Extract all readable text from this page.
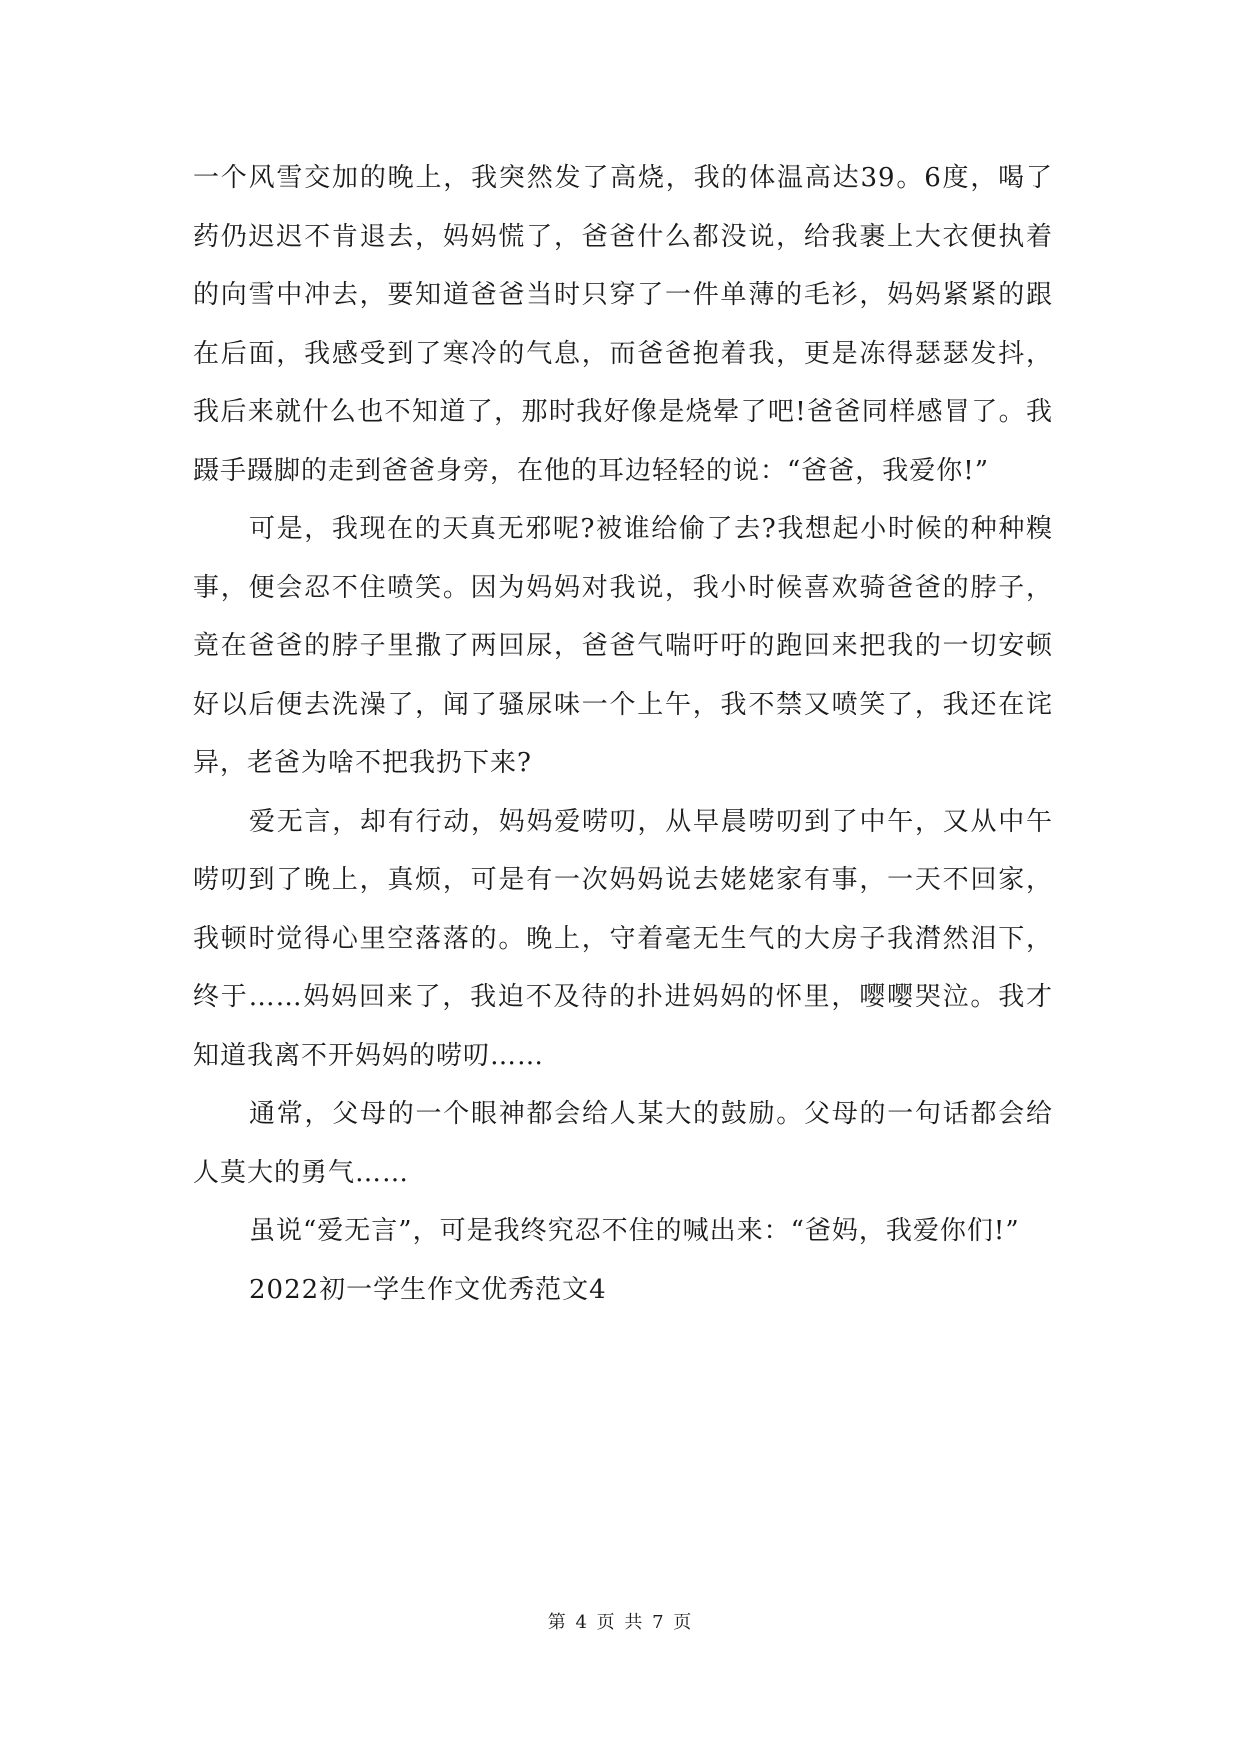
一个风雪交加的晚上，我突然发了高烧，我的体温高达39。6度，喝了药仍迟迟不肯退去，妈妈慌了，爸爸什么都没说，给我裹上大衣便执着的向雪中冲去，要知道爸爸当时只穿了一件单薄的毛衫，妈妈紧紧的跟在后面，我感受到了寒冷的气息，而爸爸抱着我，更是冻得瑟瑟发抖，我后来就什么也不知道了，那时我好像是烧晕了吧!爸爸同样感冒了。我蹑手蹑脚的走到爸爸身旁，在他的耳边轻轻的说：“爸爸，我爱你!”

可是，我现在的天真无邪呢?被谁给偷了去?我想起小时候的种种糗事，便会忍不住喷笑。因为妈妈对我说，我小时候喜欢骑爸爸的脖子，竟在爸爸的脖子里撒了两回尿，爸爸气喘吁吁的跑回来把我的一切安顿好以后便去洗澡了，闻了骚尿味一个上午，我不禁又喷笑了，我还在诧异，老爸为啥不把我扔下来?

爱无言，却有行动，妈妈爱唠叨，从早晨唠叨到了中午，又从中午唠叨到了晚上，真烦，可是有一次妈妈说去姥姥家有事，一天不回家，我顿时觉得心里空落落的。晚上，守着毫无生气的大房子我潸然泪下，终于……妈妈回来了，我迫不及待的扑进妈妈的怀里，嘤嘤哭泣。我才知道我离不开妈妈的唠叨……

通常，父母的一个眼神都会给人某大的鼓励。父母的一句话都会给人莫大的勇气……

虽说“爱无言”，可是我终究忍不住的喊出来：“爸妈，我爱你们!”

2022初一学生作文优秀范文4

第 4 页 共 7 页
